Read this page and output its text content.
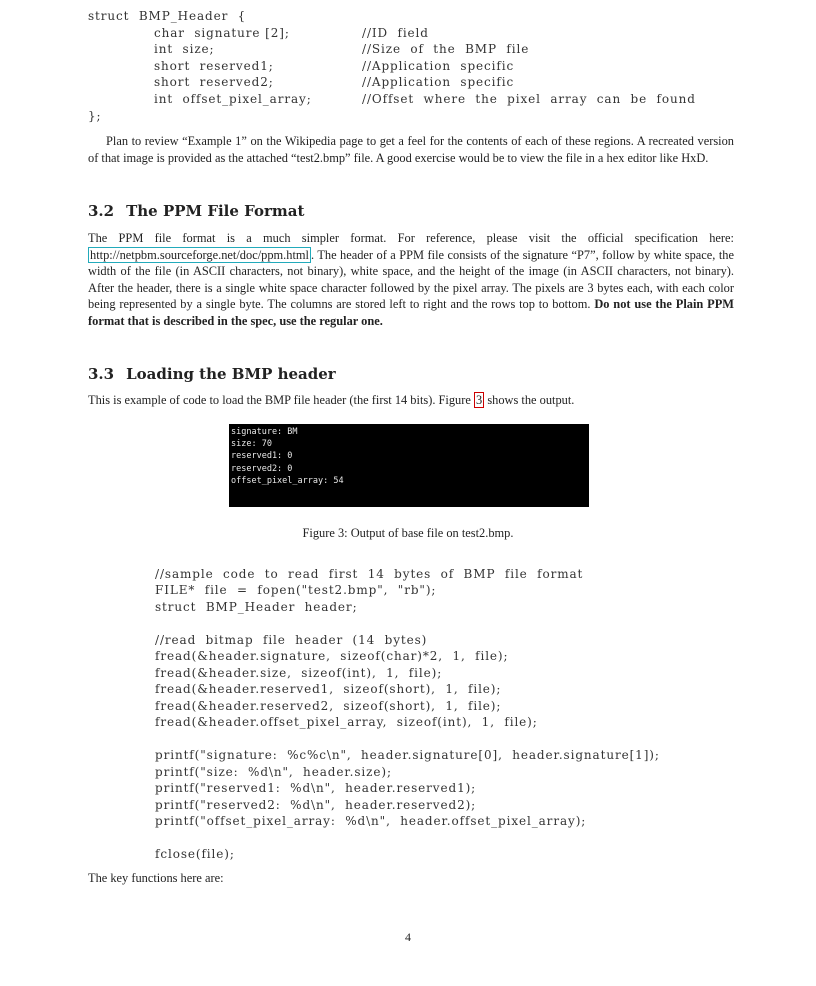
struct  BMP_Header  {
char  signature [2];	//ID  field
int  size;	//Size  of  the  BMP  file
short  reserved1;	//Application  specific
short  reserved2;	//Application  specific
int  offset_pixel_array;	//Offset  where  the  pixel  array  can  be  found
};

Plan to review “Example 1” on the Wikipedia page to get a feel for the contents of each of these regions. A recreated version of that image is provided as the attached “test2.bmp” file. A good exercise would be to view the file in a hex editor like HxD.

3.2 The PPM File Format

The PPM file format is a much simpler format. For reference, please visit the official specification here: http://netpbm.sourceforge.net/doc/ppm.html . The header of a PPM file consists of the signature “P7”, follow by white space, the width of the file (in ASCII characters, not binary), white space, and the height of the image (in ASCII characters, not binary). After the header, there is a single white space character followed by the pixel array. The pixels are 3 bytes each, with each color being represented by a single byte. The columns are stored left to right and the rows top to bottom. Do not use the Plain PPM format that is described in the spec, use the regular one.

3.3 Loading the BMP header

This is example of code to load the BMP file header (the first 14 bits). Figure 3 shows the output.

signature: BM
size: 70
reserved1: 0
reserved2: 0
offset_pixel_array: 54
Figure 3: Output of base file on test2.bmp.
//sample  code  to  read  first  14  bytes  of  BMP  file  format
FILE*  file  =  fopen("test2.bmp",  "rb");
struct  BMP_Header  header;
//read  bitmap  file  header  (14  bytes)
fread(&header.signature,  sizeof(char)*2,  1,  file);
fread(&header.size,  sizeof(int),  1,  file);
fread(&header.reserved1,  sizeof(short),  1,  file);
fread(&header.reserved2,  sizeof(short),  1,  file);
fread(&header.offset_pixel_array,  sizeof(int),  1,  file);
printf("signature:  %c%c\n",  header.signature[0],  header.signature[1]);
printf("size:  %d\n",  header.size);
printf("reserved1:  %d\n",  header.reserved1);
printf("reserved2:  %d\n",  header.reserved2);
printf("offset_pixel_array:  %d\n",  header.offset_pixel_array);
fclose(file);

The key functions here are:

4
